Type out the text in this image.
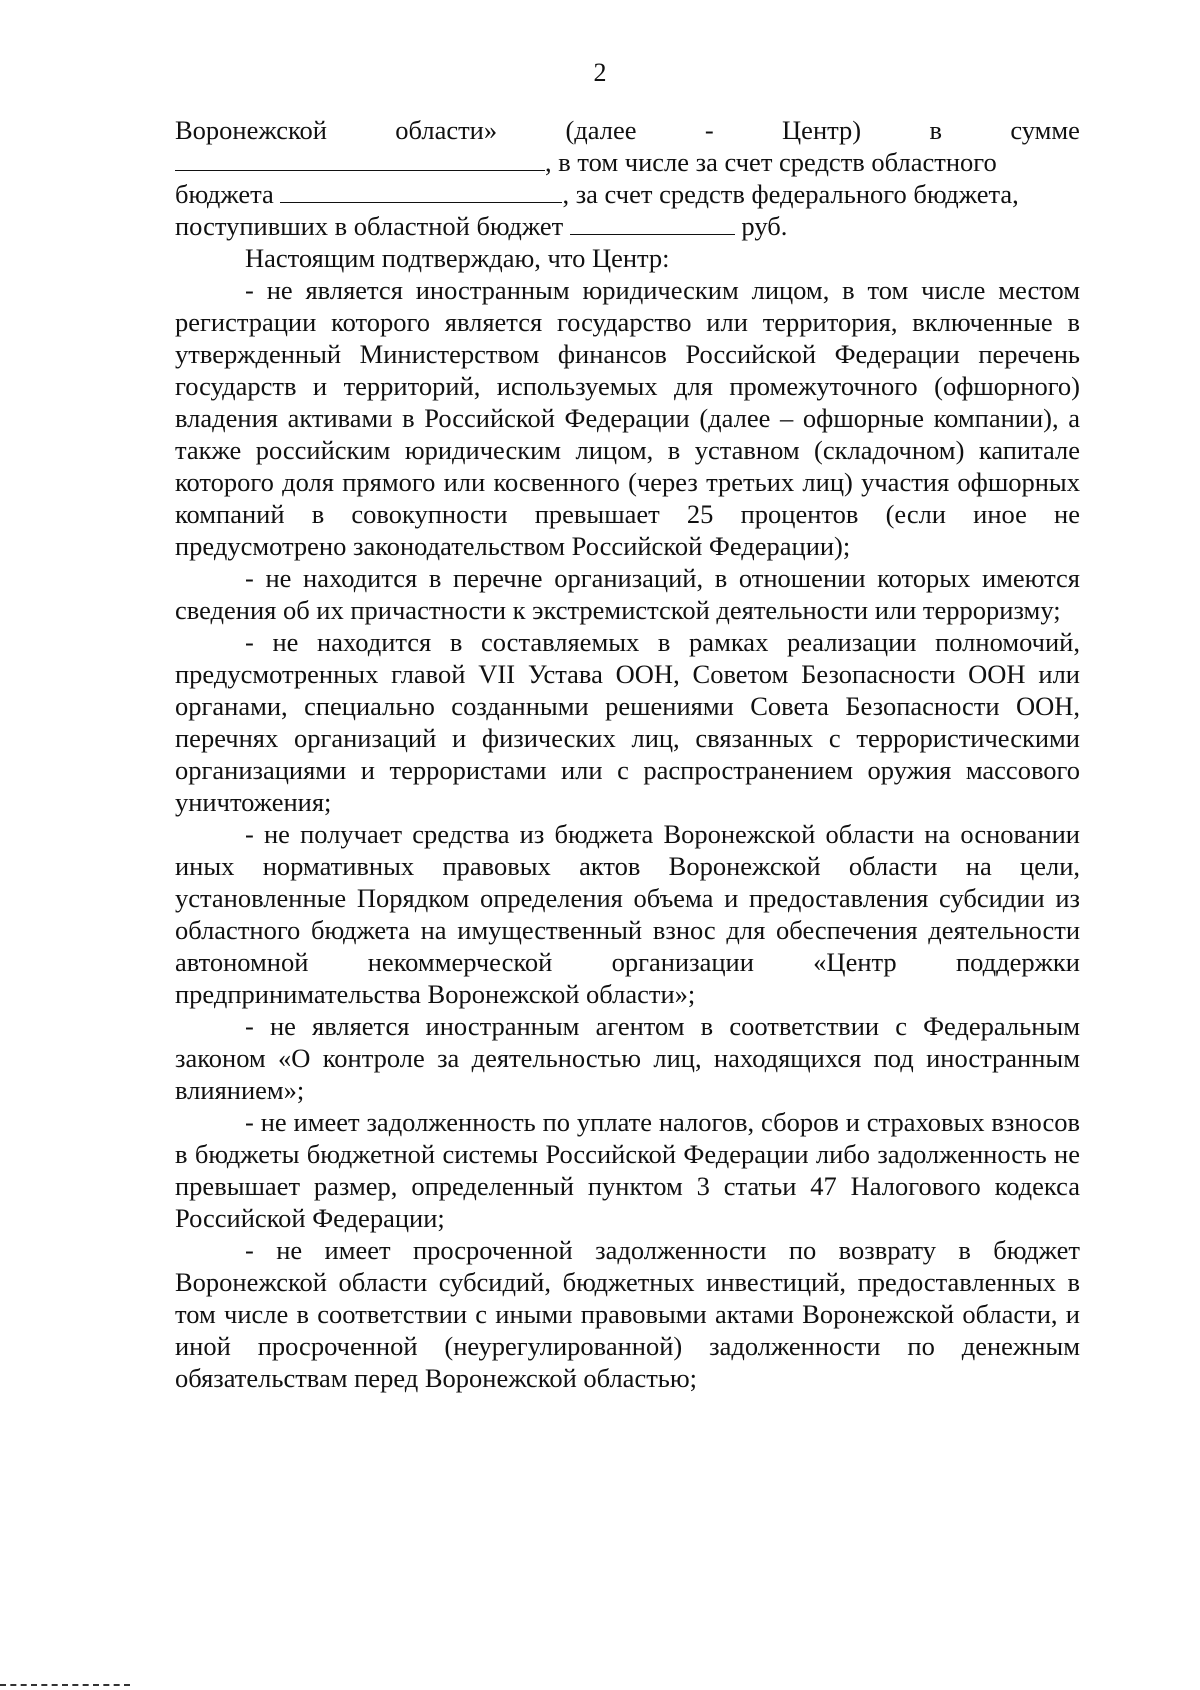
2
Воронежской	области»	(далее	-	Центр)	в	сумме

, в том числе за счет средств областного

бюджета	, за счет средств федерального бюджета,

поступивших в областной бюджет	руб.

Настоящим подтверждаю, что Центр:

- не является иностранным юридическим лицом, в том числе местом регистрации которого является государство или территория, включенные в утвержденный Министерством финансов Российской Федерации перечень государств и территорий, используемых для промежуточного (офшорного) владения активами в Российской Федерации (далее – офшорные компании), а также российским юридическим лицом, в уставном (складочном) капитале которого доля прямого или косвенного (через третьих лиц) участия офшорных компаний в совокупности превышает 25 процентов (если иное не предусмотрено законодательством Российской Федерации);

- не находится в перечне организаций, в отношении которых имеются сведения об их причастности к экстремистской деятельности или терроризму;

- не находится в составляемых в рамках реализации полномочий, предусмотренных главой VII Устава ООН, Советом Безопасности ООН или органами, специально созданными решениями Совета Безопасности ООН, перечнях организаций и физических лиц, связанных с террористическими организациями и террористами или с распространением оружия массового уничтожения;

- не получает средства из бюджета Воронежской области на основании иных нормативных правовых актов Воронежской области на цели, установленные Порядком определения объема и предоставления субсидии из областного бюджета на имущественный взнос для обеспечения деятельности автономной некоммерческой организации «Центр поддержки предпринимательства Воронежской области»;

- не является иностранным агентом в соответствии с Федеральным законом «О контроле за деятельностью лиц, находящихся под иностранным влиянием»;

- не имеет задолженность по уплате налогов, сборов и страховых взносов в бюджеты бюджетной системы Российской Федерации либо задолженность не превышает размер, определенный пунктом 3 статьи 47 Налогового кодекса Российской Федерации;

- не имеет просроченной задолженности по возврату в бюджет Воронежской области субсидий, бюджетных инвестиций, предоставленных в том числе в соответствии с иными правовыми актами Воронежской области, и иной просроченной (неурегулированной) задолженности по денежным обязательствам перед Воронежской областью;
